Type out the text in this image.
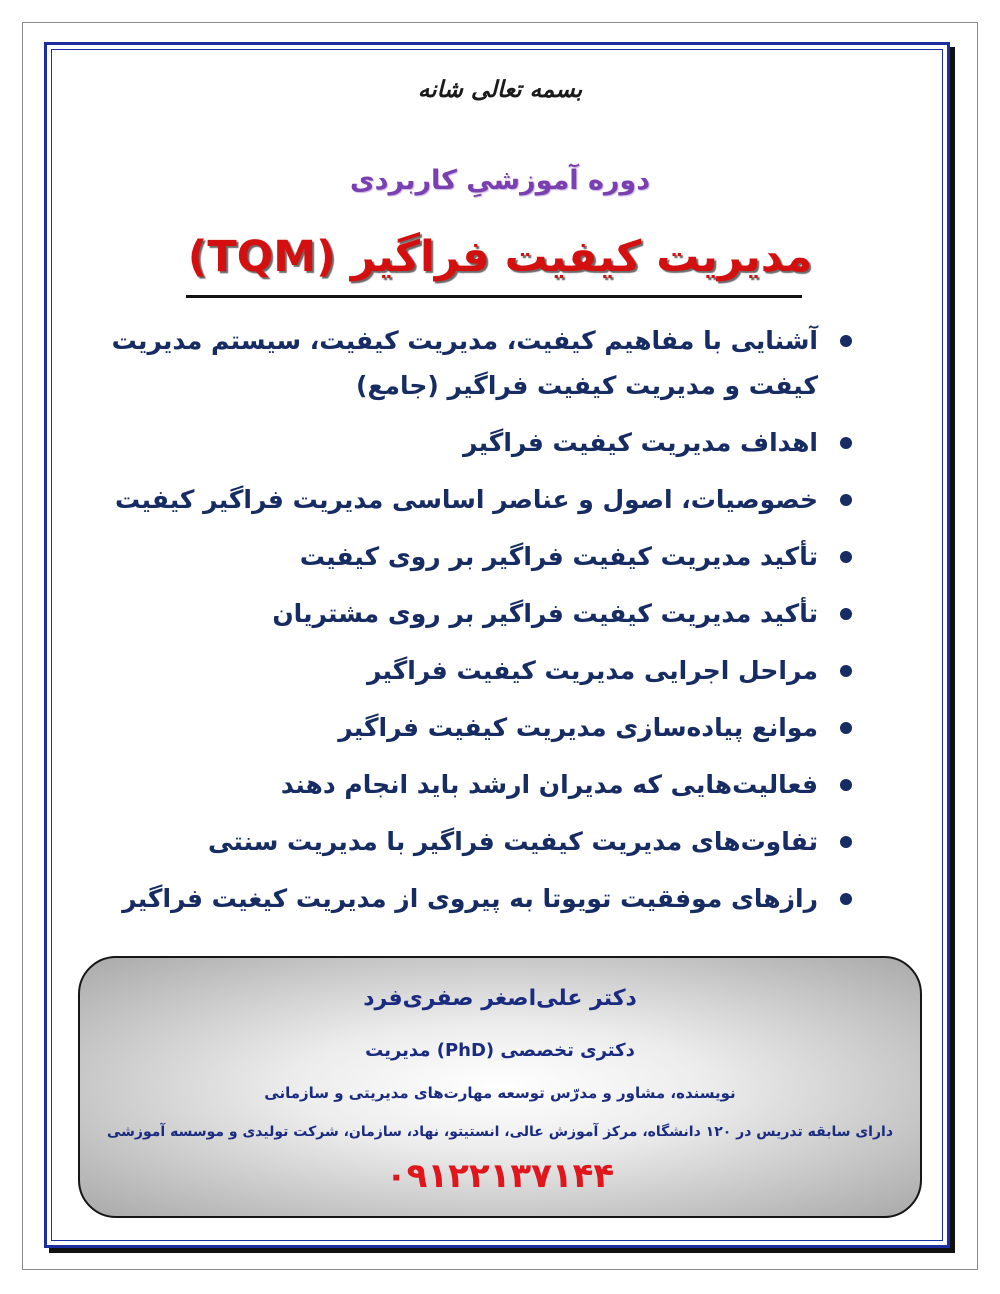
بسمه تعالی شانه
دوره آموزشیِ کاربردی
مدیریت کیفیت فراگیر (TQM)
آشنایی با مفاهیم کیفیت، مدیریت کیفیت، سیستم مدیریت کیفت و مدیریت کیفیت فراگیر (جامع)
اهداف مدیریت کیفیت فراگیر
خصوصیات، اصول و عناصر اساسی مدیریت فراگیر کیفیت
تأکید مدیریت کیفیت فراگیر بر روی کیفیت
تأکید مدیریت کیفیت فراگیر بر روی مشتریان
مراحل اجرایی مدیریت کیفیت فراگیر
موانع پیاده‌سازی مدیریت کیفیت فراگیر
فعالیت‌هایی که مدیران ارشد باید انجام دهند
تفاوت‌های مدیریت کیفیت فراگیر با مدیریت سنتی
رازهای موفقیت تویوتا به پیروی از مدیریت کیغیت فراگیر
دکتر علی‌اصغر صفری‌فرد
دکتری تخصصی (PhD) مدیریت
نویسنده، مشاور و مدرّس توسعه مهارت‌های مدیریتی و سازمانی
دارای سابقه تدریس در ۱۲۰ دانشگاه، مرکز آموزش عالی، انستیتو، نهاد، سازمان، شرکت تولیدی و موسسه آموزشی
۰۹۱۲۲۱۳۷۱۴۴
